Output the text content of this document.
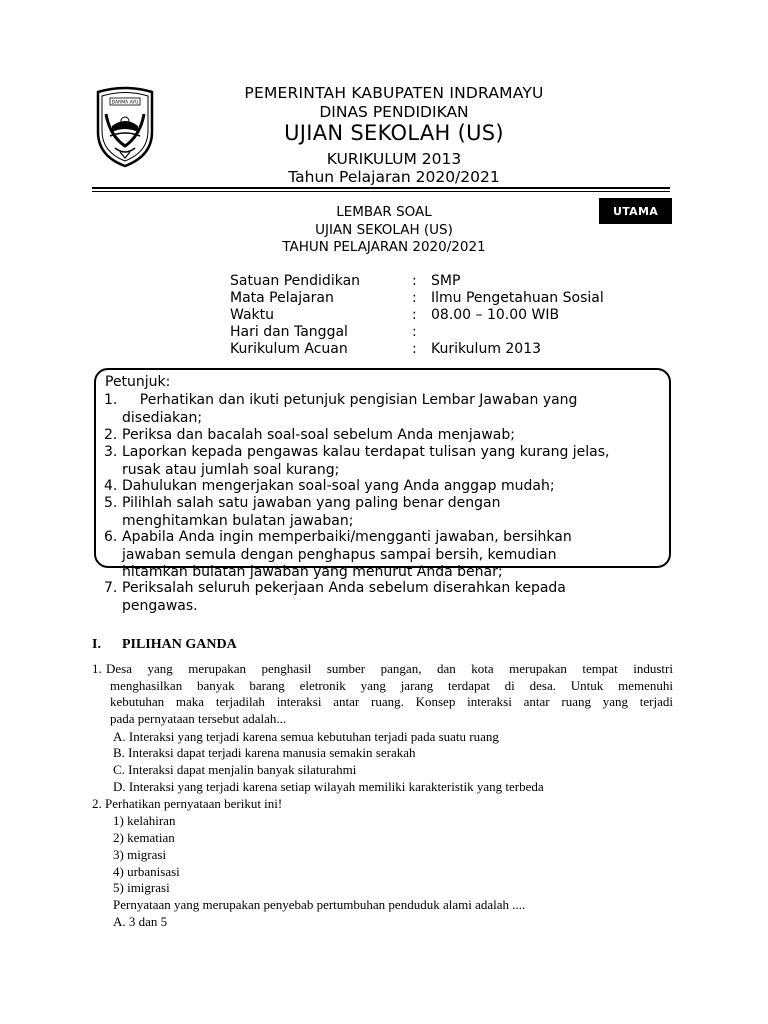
DARMA AYU
PEMERINTAH KABUPATEN INDRAMAYU
DINAS PENDIDIKAN
UJIAN SEKOLAH (US)
KURIKULUM 2013
Tahun Pelajaran 2020/2021
UTAMA
LEMBAR SOAL
UJIAN SEKOLAH (US)
TAHUN PELAJARAN 2020/2021
Satuan Pendidikan	: SMP
Mata Pelajaran	: Ilmu Pengetahuan Sosial
Waktu	: 08.00 – 10.00 WIB
Hari dan Tanggal	:
Kurikulum Acuan	: Kurikulum 2013
Petunjuk:
1. Perhatikan dan ikuti petunjuk pengisian Lembar Jawaban yang
disediakan;
2. Periksa dan bacalah soal-soal sebelum Anda menjawab;
3. Laporkan kepada pengawas kalau terdapat tulisan yang kurang jelas,
rusak atau jumlah soal kurang;
4. Dahulukan mengerjakan soal-soal yang Anda anggap mudah;
5. Pilihlah salah satu jawaban yang paling benar dengan
menghitamkan bulatan jawaban;
6. Apabila Anda ingin memperbaiki/mengganti jawaban, bersihkan
jawaban semula dengan penghapus sampai bersih, kemudian
hitamkan bulatan jawaban yang menurut Anda benar;
7. Periksalah seluruh pekerjaan Anda sebelum diserahkan kepada
pengawas.
I. PILIHAN GANDA
1. Desa yang merupakan penghasil sumber pangan, dan kota merupakan tempat industri
menghasilkan banyak barang eletronik yang jarang terdapat di desa. Untuk memenuhi
kebutuhan maka terjadilah interaksi antar ruang. Konsep interaksi antar ruang yang terjadi
pada pernyataan tersebut adalah...
A. Interaksi yang terjadi karena semua kebutuhan terjadi pada suatu ruang
B. Interaksi dapat terjadi karena manusia semakin serakah
C. Interaksi dapat menjalin banyak silaturahmi
D. Interaksi yang terjadi karena setiap wilayah memiliki karakteristik yang terbeda
2. Perhatikan pernyataan berikut ini!
1) kelahiran
2) kematian
3) migrasi
4) urbanisasi
5) imigrasi
Pernyataan yang merupakan penyebab pertumbuhan penduduk alami adalah ....
A. 3 dan 5
